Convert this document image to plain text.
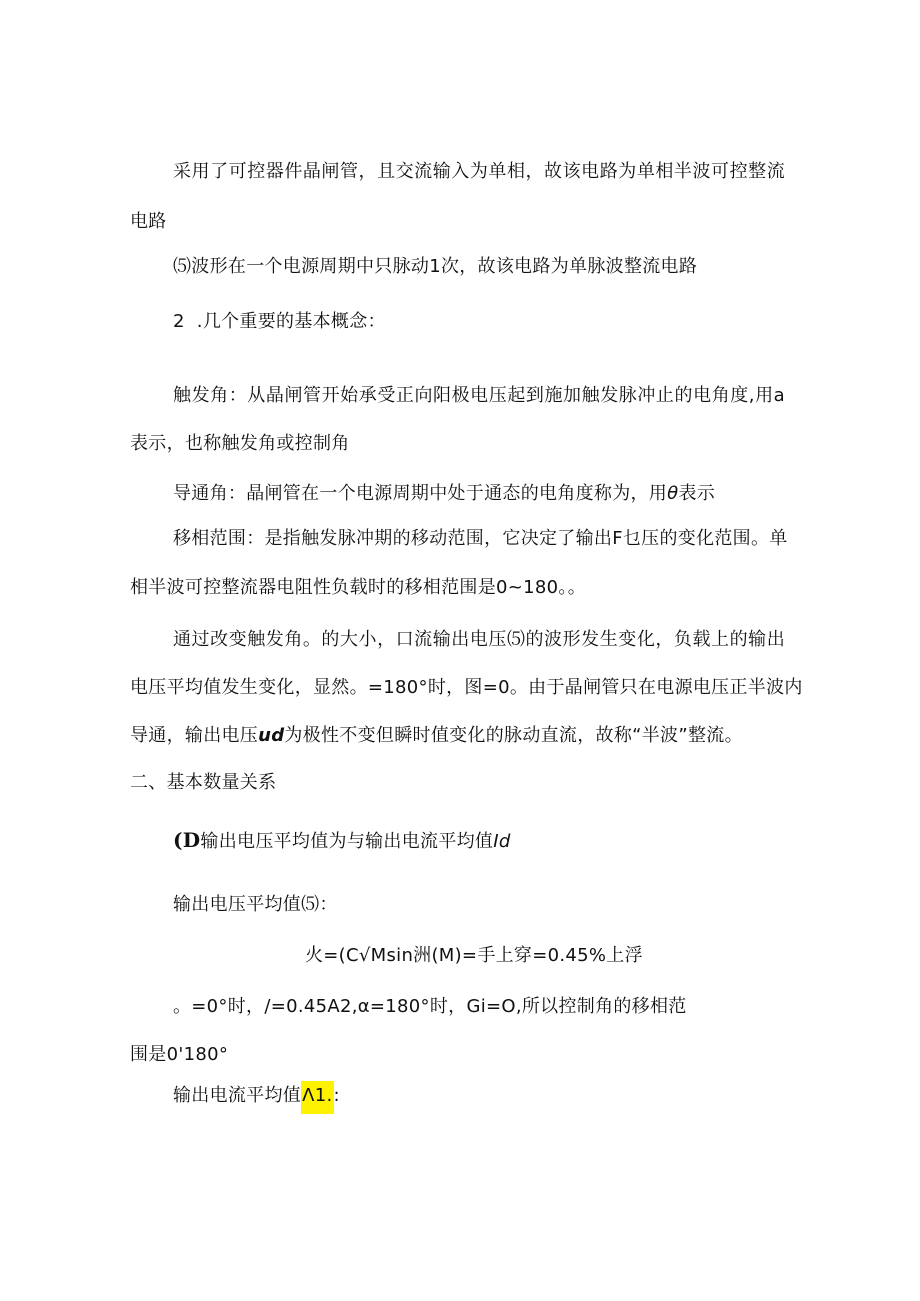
采用了可控器件晶闸管，且交流输入为单相，故该电路为单相半波可控整流
电路
⑸波形在一个电源周期中只脉动1次，故该电路为单脉波整流电路
2  .几个重要的基本概念：
触发角：从晶闸管开始承受正向阳极电压起到施加触发脉冲止的电角度,用a
表示，也称触发角或控制角
导通角：晶闸管在一个电源周期中处于通态的电角度称为，用θ表示
移相范围：是指触发脉冲期的移动范围，它决定了输出F乜压的变化范围。单
相半波可控整流器电阻性负载时的移相范围是0~180。。
通过改变触发角。的大小，口流输出电压⑸的波形发生变化，负载上的输出
电压平均值发生变化，显然。=180°时，图=0。由于晶闸管只在电源电压正半波内
导通，输出电压ud为极性不变但瞬时值变化的脉动直流，故称“半波”整流。
二、基本数量关系
(D输出电压平均值为与输出电流平均值Id
输出电压平均值⑸：
火=(C√Msin洲(M)=手上穿=0.45%上浮
。=0°时，/=0.45A2,α=180°时，Gi=O,所以控制角的移相范
围是0'180°
输出电流平均值Λ1.:
